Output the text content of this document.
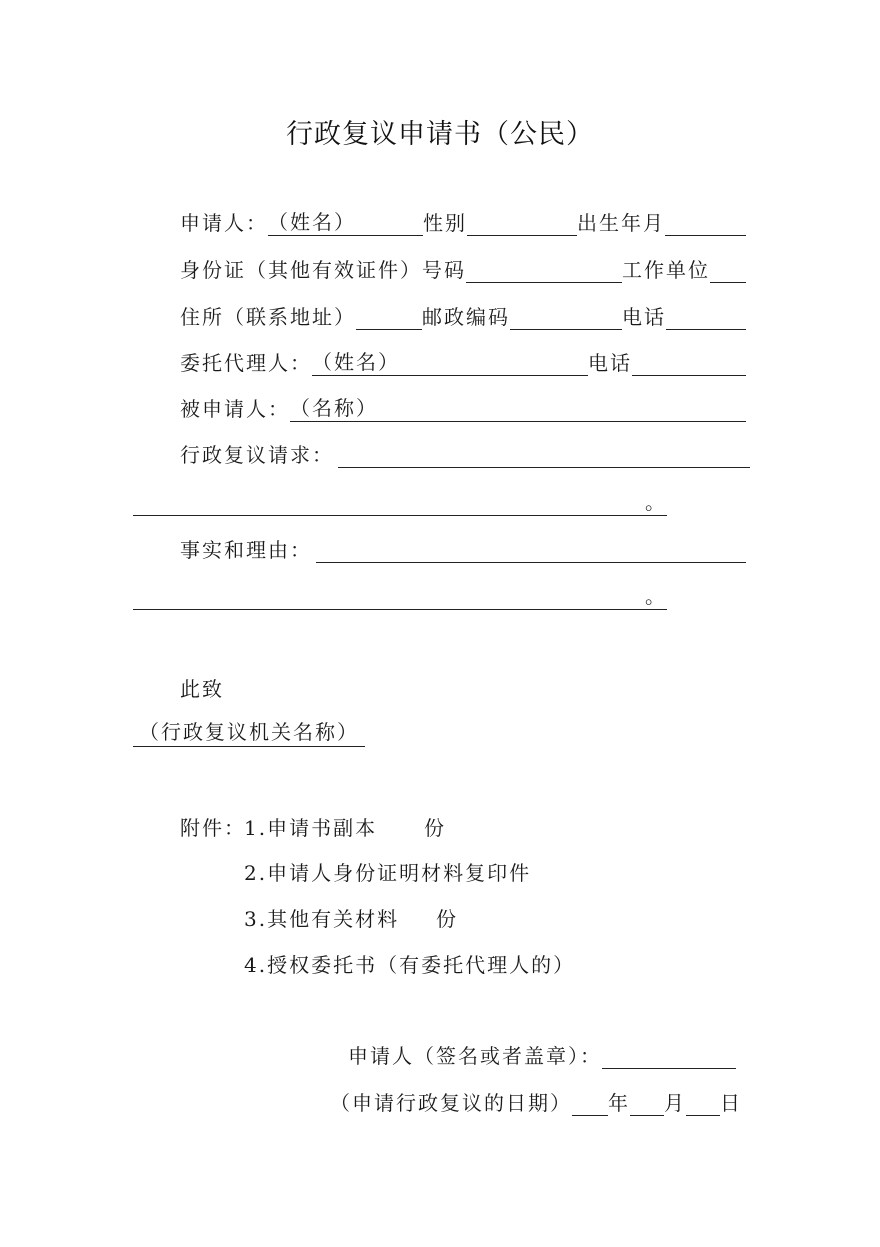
行政复议申请书（公民）
申请人： （姓名）	性别	出生年月
身份证（其他有效证件）号码	工作单位
住所（联系地址）	邮政编码	电话
委托代理人： （姓名）	电话
被申请人： （名称）
行政复议请求：
。
事实和理由：
。
此致
（行政复议机关名称）
附件：
1.申请书副本 份
2.申请人身份证明材料复印件
3.其他有关材料 份
4.授权委托书（有委托代理人的）
申请人（签名或者盖章）：
（申请行政复议的日期） 年 月 日
